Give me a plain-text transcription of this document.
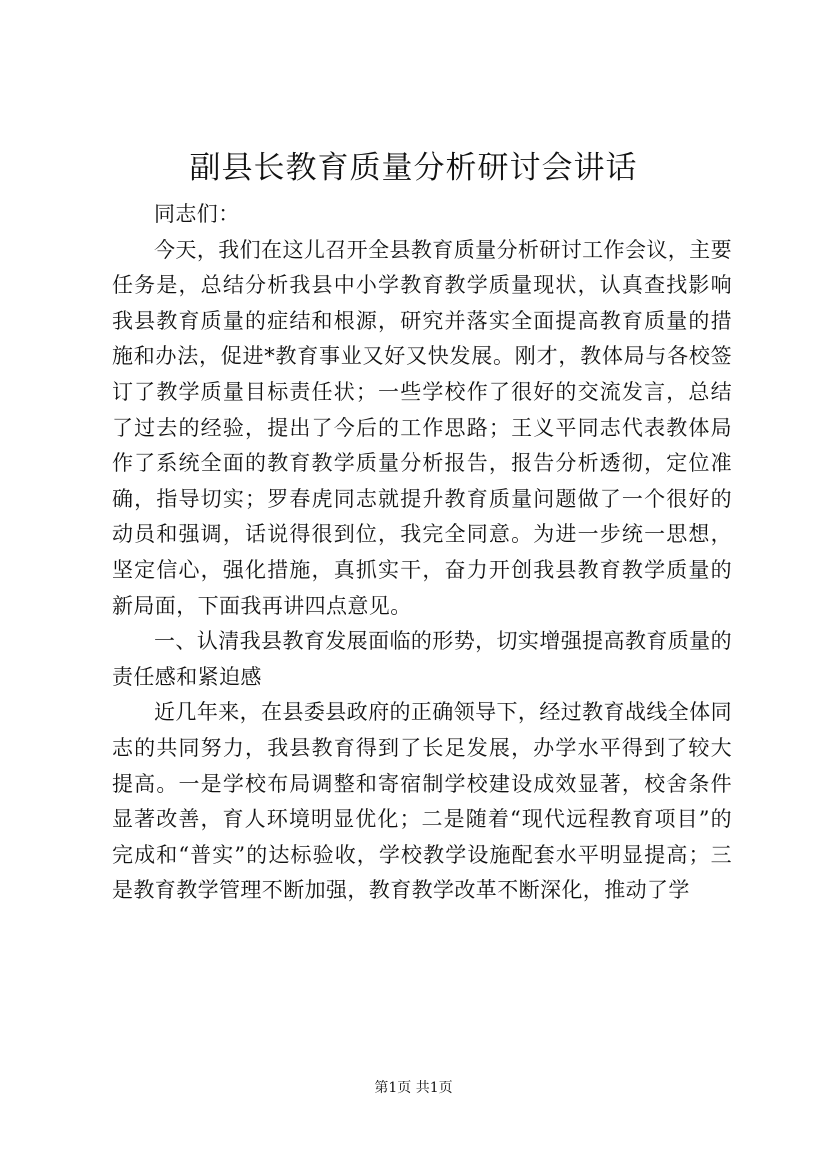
副县长教育质量分析研讨会讲话

同志们：

今天，我们在这儿召开全县教育质量分析研讨工作会议，主要任务是，总结分析我县中小学教育教学质量现状，认真查找影响我县教育质量的症结和根源，研究并落实全面提高教育质量的措施和办法，促进*教育事业又好又快发展。刚才，教体局与各校签订了教学质量目标责任状；一些学校作了很好的交流发言，总结了过去的经验，提出了今后的工作思路；王义平同志代表教体局作了系统全面的教育教学质量分析报告，报告分析透彻，定位准确，指导切实；罗春虎同志就提升教育质量问题做了一个很好的动员和强调，话说得很到位，我完全同意。为进一步统一思想，坚定信心，强化措施，真抓实干，奋力开创我县教育教学质量的新局面，下面我再讲四点意见。

一、认清我县教育发展面临的形势，切实增强提高教育质量的责任感和紧迫感

近几年来，在县委县政府的正确领导下，经过教育战线全体同志的共同努力，我县教育得到了长足发展，办学水平得到了较大提高。一是学校布局调整和寄宿制学校建设成效显著，校舍条件显著改善，育人环境明显优化；二是随着“现代远程教育项目”的完成和“普实”的达标验收，学校教学设施配套水平明显提高；三是教育教学管理不断加强，教育教学改革不断深化，推动了学

第1页 共1页
